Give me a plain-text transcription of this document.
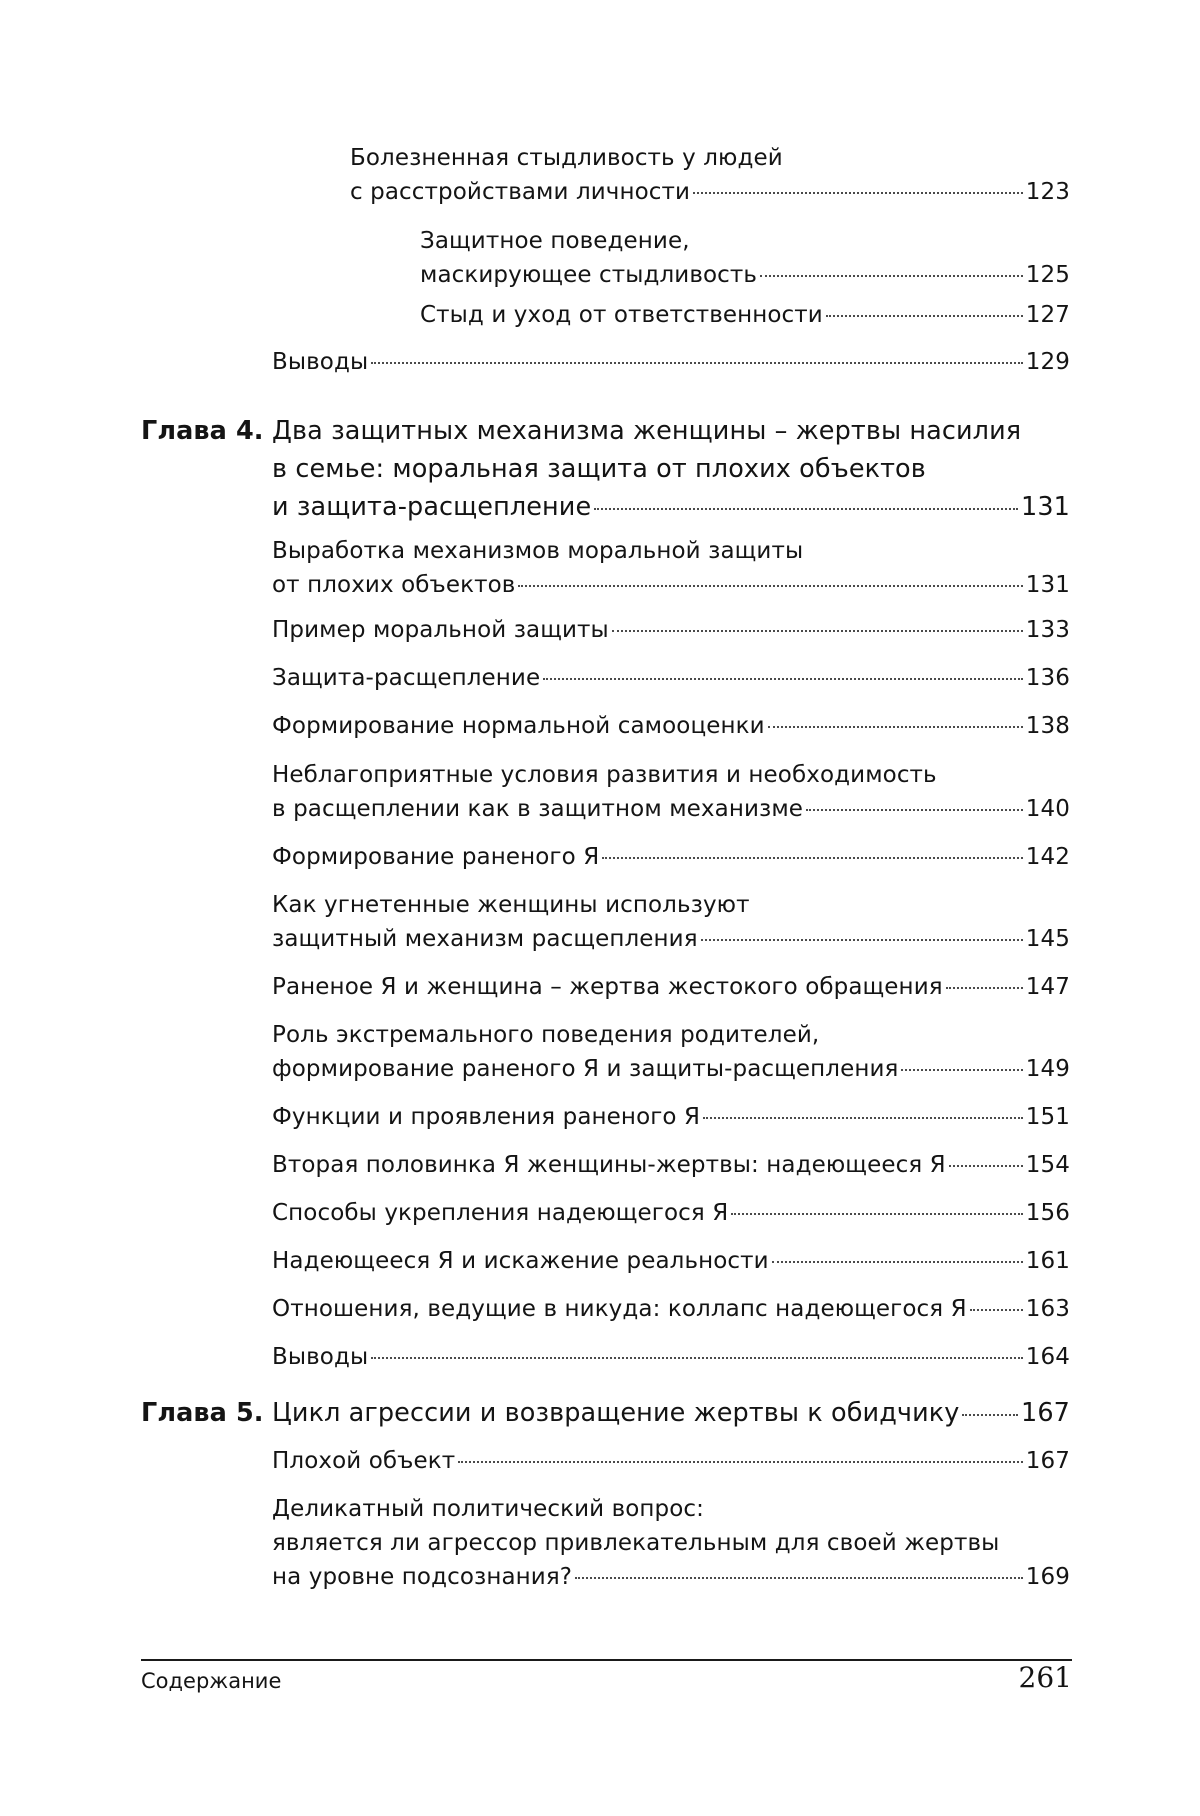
Болезненная стыдливость у людей
с расстройствами личности	123
Защитное поведение,
маскирующее стыдливость	125
Стыд и уход от ответственности	127
Выводы	129
Глава 4. Два защитных механизма женщины – жертвы насилия
в семье: моральная защита от плохих объектов
и защита-расщепление	131
Выработка механизмов моральной защиты
от плохих объектов	131
Пример моральной защиты	133
Защита-расщепление	136
Формирование нормальной самооценки	138
Неблагоприятные условия развития и необходимость
в расщеплении как в защитном механизме	140
Формирование раненого Я	142
Как угнетенные женщины используют
защитный механизм расщепления	145
Раненое Я и женщина – жертва жестокого обращения	147
Роль экстремального поведения родителей,
формирование раненого Я и защиты-расщепления	149
Функции и проявления раненого Я	151
Вторая половинка Я женщины-жертвы: надеющееся Я	154
Способы укрепления надеющегося Я	156
Надеющееся Я и искажение реальности	161
Отношения, ведущие в никуда: коллапс надеющегося Я	163
Выводы	164
Глава 5. Цикл агрессии и возвращение жертвы к обидчику 167
Плохой объект	167
Деликатный политический вопрос:
является ли агрессор привлекательным для своей жертвы
на уровне подсознания?	169
Содержание	261
